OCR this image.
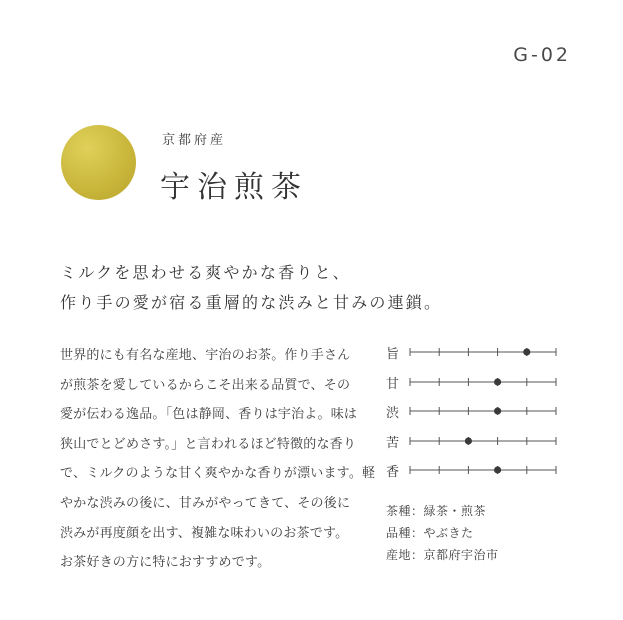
G-02
京都府産
宇治煎茶
ミルクを思わせる爽やかな香りと、
作り手の愛が宿る重層的な渋みと甘みの連鎖。

世界的にも有名な産地、宇治のお茶。作り手さん

が煎茶を愛しているからこそ出来る品質で、その

愛が伝わる逸品。「色は静岡、香りは宇治よ。味は

狭山でとどめさす。」と言われるほど特徴的な香り

で、ミルクのような甘く爽やかな香りが漂います。軽

やかな渋みの後に、甘みがやってきて、その後に

渋みが再度顔を出す、複雑な味わいのお茶です。

お茶好きの方に特におすすめです。

旨
甘
渋
苦
香
茶種：緑茶・煎茶
品種：やぶきた
産地：京都府宇治市
